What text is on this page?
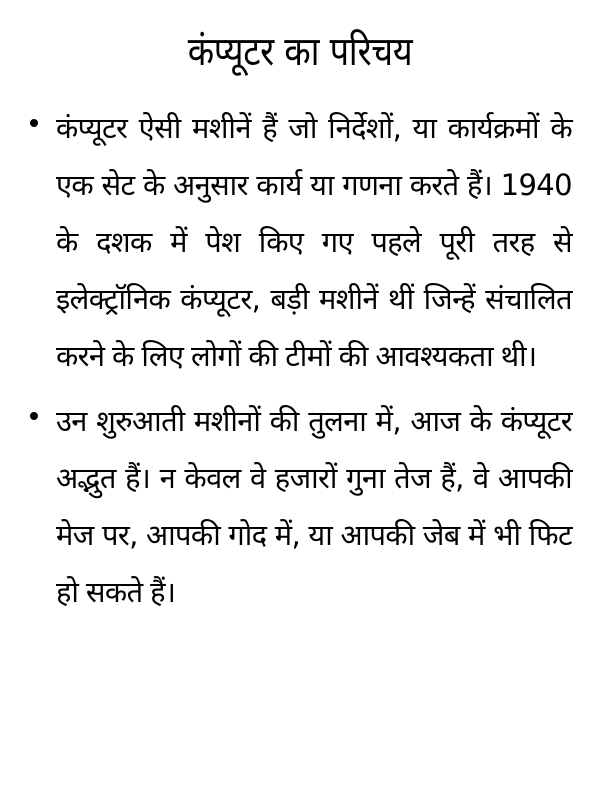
कंप्यूटर का परिचय
कंप्यूटर ऐसी मशीनें हैं जो निर्देशों, या कार्यक्रमों के एक सेट के अनुसार कार्य या गणना करते हैं। 1940 के दशक में पेश किए गए पहले पूरी तरह से इलेक्ट्रॉनिक कंप्यूटर, बड़ी मशीनें थीं जिन्हें संचालित करने के लिए लोगों की टीमों की आवश्यकता थी।
उन शुरुआती मशीनों की तुलना में, आज के कंप्यूटर अद्भुत हैं। न केवल वे हजारों गुना तेज हैं, वे आपकी मेज पर, आपकी गोद में, या आपकी जेब में भी फिट हो सकते हैं।
